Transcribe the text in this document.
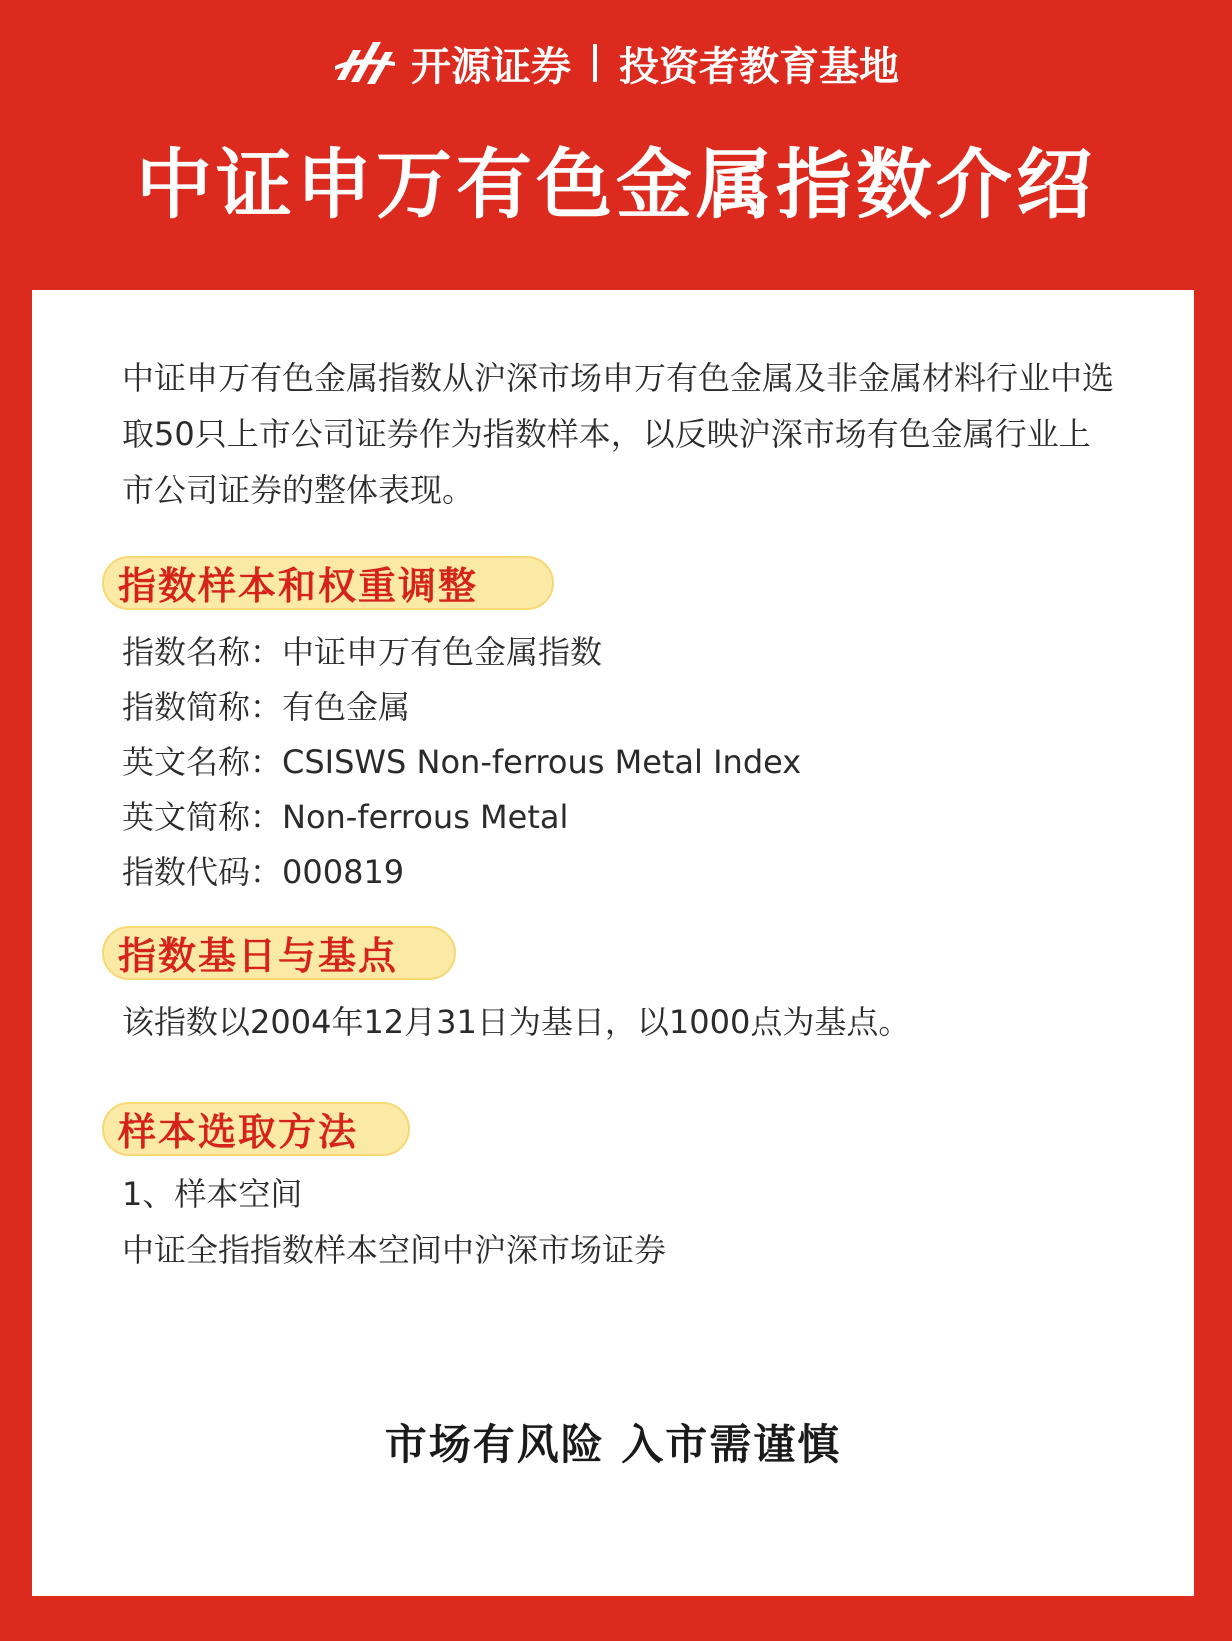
开源证券 投资者教育基地
中证申万有色金属指数介绍
中证申万有色金属指数从沪深市场申万有色金属及非金属材料行业中选取50只上市公司证券作为指数样本，以反映沪深市场有色金属行业上市公司证券的整体表现。
指数样本和权重调整
指数名称：中证申万有色金属指数
指数简称：有色金属
英文名称：CSISWS Non-ferrous Metal Index
英文简称：Non-ferrous Metal
指数代码：000819
指数基日与基点
该指数以2004年12月31日为基日，以1000点为基点。
样本选取方法
1、样本空间
中证全指指数样本空间中沪深市场证券
市场有风险 入市需谨慎
